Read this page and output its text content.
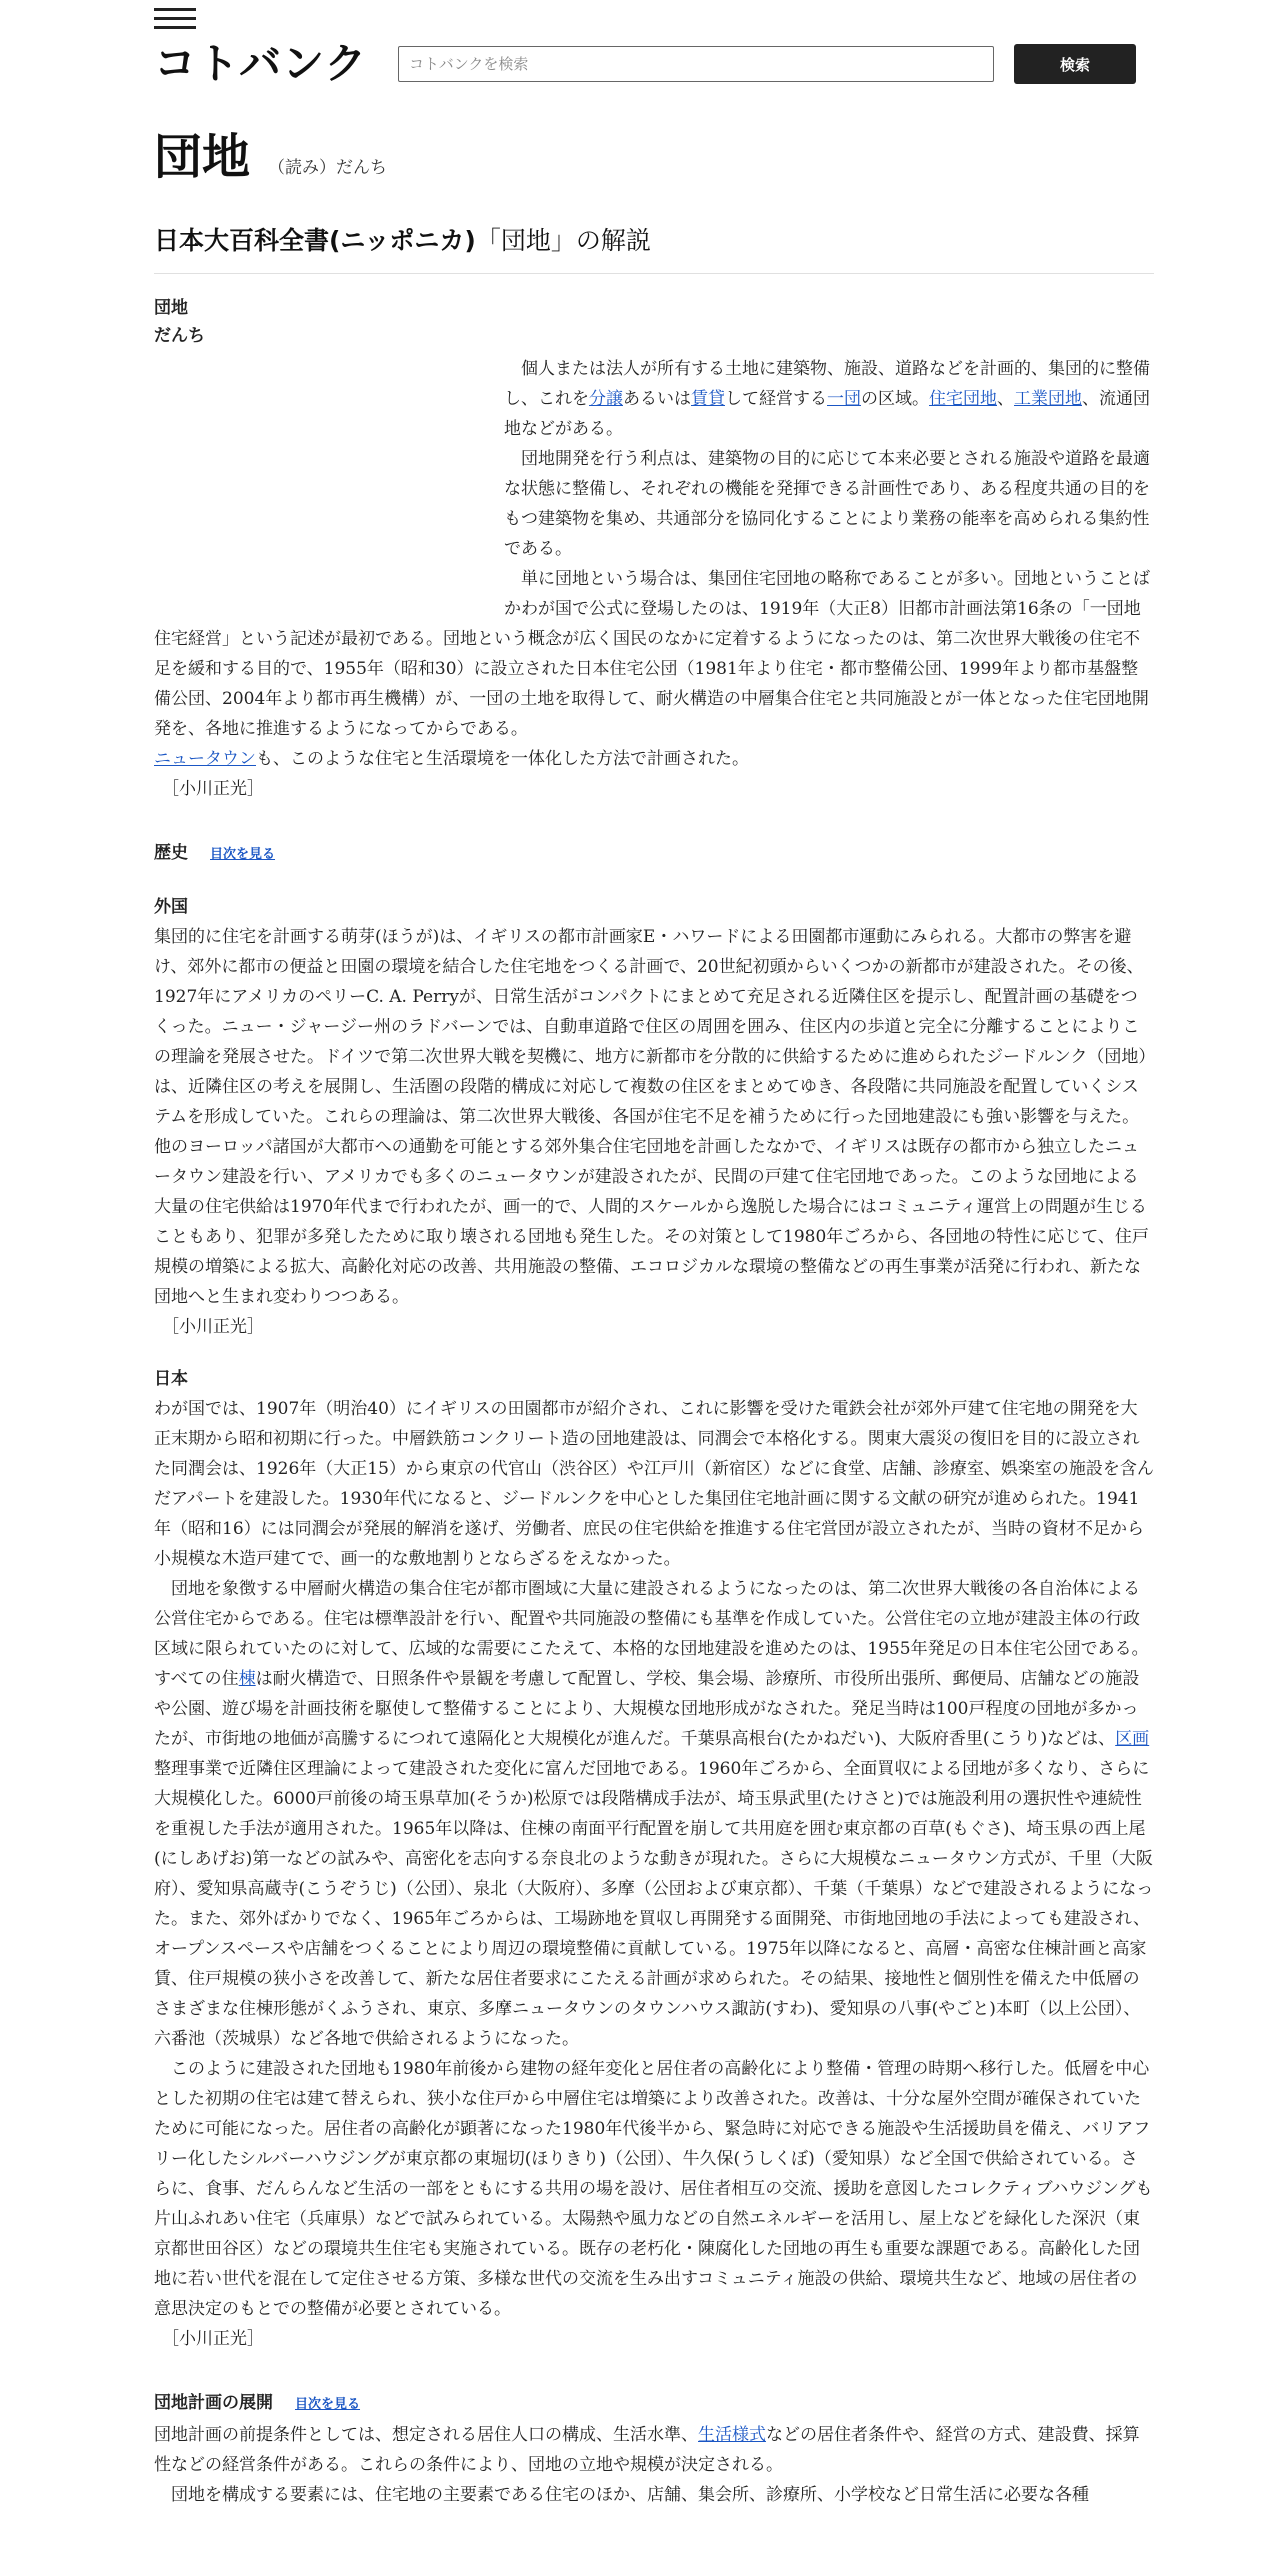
コトバンク
コトバンクを検索	検索
団地 （読み）だんち
日本大百科全書(ニッポニカ)「団地」の解説
団地
だんち

個人または法人が所有する土地に建築物、施設、道路などを計画的、集団的に整備し、これを分譲あるいは賃貸して経営する一団の区域。住宅団地、工業団地、流通団地などがある。

団地開発を行う利点は、建築物の目的に応じて本来必要とされる施設や道路を最適な状態に整備し、それぞれの機能を発揮できる計画性であり、ある程度共通の目的をもつ建築物を集め、共通部分を協同化することにより業務の能率を高められる集約性である。

単に団地という場合は、集団住宅団地の略称であることが多い。団地ということばかわが国で公式に登場したのは、1919年（大正8）旧都市計画法第16条の「一団地住宅経営」という記述が最初である。団地という概念が広く国民のなかに定着するようになったのは、第二次世界大戦後の住宅不足を緩和する目的で、1955年（昭和30）に設立された日本住宅公団（1981年より住宅・都市整備公団、1999年より都市基盤整備公団、2004年より都市再生機構）が、一団の土地を取得して、耐火構造の中層集合住宅と共同施設とが一体となった住宅団地開発を、各地に推進するようになってからである。

ニュータウンも、このような住宅と生活環境を一体化した方法で計画された。

［小川正光］
歴史 目次を見る
外国

集団的に住宅を計画する萌芽(ほうが)は、イギリスの都市計画家E・ハワードによる田園都市運動にみられる。大都市の弊害を避け、郊外に都市の便益と田園の環境を結合した住宅地をつくる計画で、20世紀初頭からいくつかの新都市が建設された。その後、1927年にアメリカのペリーC. A. Perryが、日常生活がコンパクトにまとめて充足される近隣住区を提示し、配置計画の基礎をつくった。ニュー・ジャージー州のラドバーンでは、自動車道路で住区の周囲を囲み、住区内の歩道と完全に分離することによりこの理論を発展させた。ドイツで第二次世界大戦を契機に、地方に新都市を分散的に供給するために進められたジードルンク（団地）は、近隣住区の考えを展開し、生活圏の段階的構成に対応して複数の住区をまとめてゆき、各段階に共同施設を配置していくシステムを形成していた。これらの理論は、第二次世界大戦後、各国が住宅不足を補うために行った団地建設にも強い影響を与えた。他のヨーロッパ諸国が大都市への通勤を可能とする郊外集合住宅団地を計画したなかで、イギリスは既存の都市から独立したニュータウン建設を行い、アメリカでも多くのニュータウンが建設されたが、民間の戸建て住宅団地であった。このような団地による大量の住宅供給は1970年代まで行われたが、画一的で、人間的スケールから逸脱した場合にはコミュニティ運営上の問題が生じることもあり、犯罪が多発したために取り壊される団地も発生した。その対策として1980年ごろから、各団地の特性に応じて、住戸規模の増築による拡大、高齢化対応の改善、共用施設の整備、エコロジカルな環境の整備などの再生事業が活発に行われ、新たな団地へと生まれ変わりつつある。

［小川正光］
日本

わが国では、1907年（明治40）にイギリスの田園都市が紹介され、これに影響を受けた電鉄会社が郊外戸建て住宅地の開発を大正末期から昭和初期に行った。中層鉄筋コンクリート造の団地建設は、同潤会で本格化する。関東大震災の復旧を目的に設立された同潤会は、1926年（大正15）から東京の代官山（渋谷区）や江戸川（新宿区）などに食堂、店舗、診療室、娯楽室の施設を含んだアパートを建設した。1930年代になると、ジードルンクを中心とした集団住宅地計画に関する文献の研究が進められた。1941年（昭和16）には同潤会が発展的解消を遂げ、労働者、庶民の住宅供給を推進する住宅営団が設立されたが、当時の資材不足から小規模な木造戸建てで、画一的な敷地割りとならざるをえなかった。

団地を象徴する中層耐火構造の集合住宅が都市圏域に大量に建設されるようになったのは、第二次世界大戦後の各自治体による公営住宅からである。住宅は標準設計を行い、配置や共同施設の整備にも基準を作成していた。公営住宅の立地が建設主体の行政区域に限られていたのに対して、広域的な需要にこたえて、本格的な団地建設を進めたのは、1955年発足の日本住宅公団である。すべての住棟は耐火構造で、日照条件や景観を考慮して配置し、学校、集会場、診療所、市役所出張所、郵便局、店舗などの施設や公園、遊び場を計画技術を駆使して整備することにより、大規模な団地形成がなされた。発足当時は100戸程度の団地が多かったが、市街地の地価が高騰するにつれて遠隔化と大規模化が進んだ。千葉県高根台(たかねだい)、大阪府香里(こうり)などは、区画整理事業で近隣住区理論によって建設された変化に富んだ団地である。1960年ごろから、全面買収による団地が多くなり、さらに大規模化した。6000戸前後の埼玉県草加(そうか)松原では段階構成手法が、埼玉県武里(たけさと)では施設利用の選択性や連続性を重視した手法が適用された。1965年以降は、住棟の南面平行配置を崩して共用庭を囲む東京都の百草(もぐさ)、埼玉県の西上尾(にしあげお)第一などの試みや、高密化を志向する奈良北のような動きが現れた。さらに大規模なニュータウン方式が、千里（大阪府）、愛知県高蔵寺(こうぞうじ)（公団）、泉北（大阪府）、多摩（公団および東京都）、千葉（千葉県）などで建設されるようになった。また、郊外ばかりでなく、1965年ごろからは、工場跡地を買収し再開発する面開発、市街地団地の手法によっても建設され、オープンスペースや店舗をつくることにより周辺の環境整備に貢献している。1975年以降になると、高層・高密な住棟計画と高家賃、住戸規模の狭小さを改善して、新たな居住者要求にこたえる計画が求められた。その結果、接地性と個別性を備えた中低層のさまざまな住棟形態がくふうされ、東京、多摩ニュータウンのタウンハウス諏訪(すわ)、愛知県の八事(やごと)本町（以上公団）、六番池（茨城県）など各地で供給されるようになった。

このように建設された団地も1980年前後から建物の経年変化と居住者の高齢化により整備・管理の時期へ移行した。低層を中心とした初期の住宅は建て替えられ、狭小な住戸から中層住宅は増築により改善された。改善は、十分な屋外空間が確保されていたために可能になった。居住者の高齢化が顕著になった1980年代後半から、緊急時に対応できる施設や生活援助員を備え、バリアフリー化したシルバーハウジングが東京都の東堀切(ほりきり)（公団）、牛久保(うしくぼ)（愛知県）など全国で供給されている。さらに、食事、だんらんなど生活の一部をともにする共用の場を設け、居住者相互の交流、援助を意図したコレクティブハウジングも片山ふれあい住宅（兵庫県）などで試みられている。太陽熱や風力などの自然エネルギーを活用し、屋上などを緑化した深沢（東京都世田谷区）などの環境共生住宅も実施されている。既存の老朽化・陳腐化した団地の再生も重要な課題である。高齢化した団地に若い世代を混在して定住させる方策、多様な世代の交流を生み出すコミュニティ施設の供給、環境共生など、地域の居住者の意思決定のもとでの整備が必要とされている。

［小川正光］
団地計画の展開 目次を見る

団地計画の前提条件としては、想定される居住人口の構成、生活水準、生活様式などの居住者条件や、経営の方式、建設費、採算性などの経営条件がある。これらの条件により、団地の立地や規模が決定される。

団地を構成する要素には、住宅地の主要素である住宅のほか、店舗、集会所、診療所、小学校など日常生活に必要な各種
